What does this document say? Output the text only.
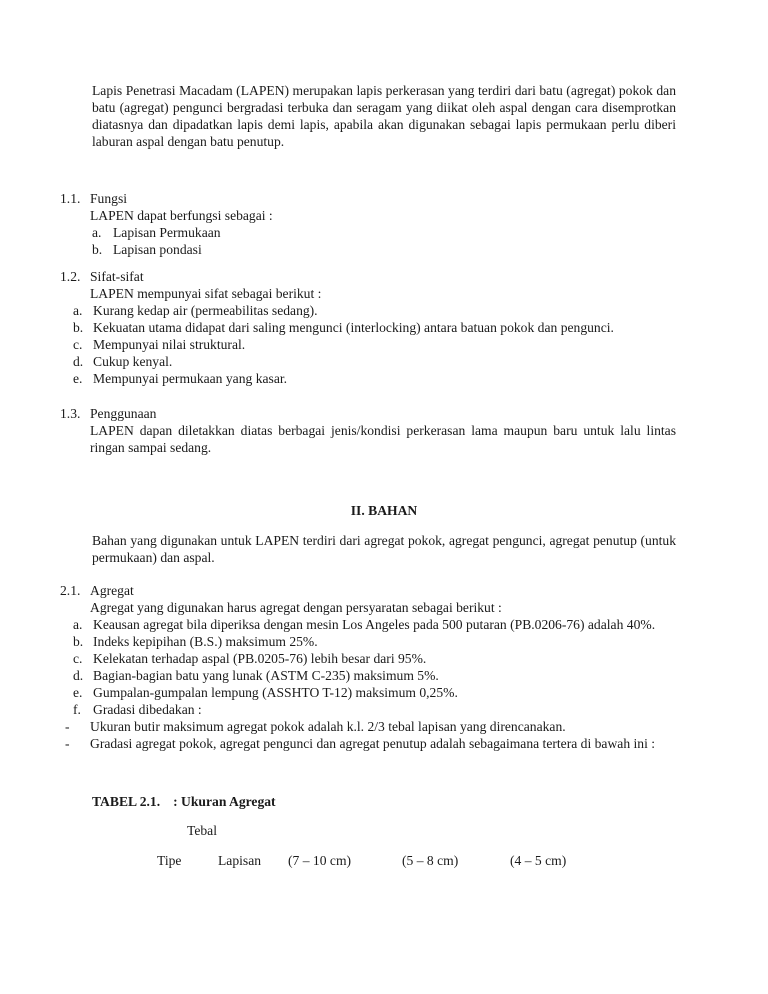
Lapis Penetrasi Macadam (LAPEN) merupakan lapis perkerasan yang terdiri dari batu (agregat) pokok dan batu (agregat) pengunci bergradasi terbuka dan seragam yang diikat oleh aspal dengan cara disemprotkan diatasnya dan dipadatkan lapis demi lapis, apabila akan digunakan sebagai lapis permukaan perlu diberi laburan aspal dengan batu penutup.

1.1. Fungsi

LAPEN dapat berfungsi sebagai :

a. Lapisan Permukaan
b. Lapisan pondasi
1.2. Sifat-sifat

LAPEN mempunyai sifat sebagai berikut :

a. Kurang kedap air (permeabilitas sedang).
b. Kekuatan utama didapat dari saling mengunci (interlocking) antara batuan pokok dan pengunci.
c. Mempunyai nilai struktural.
d. Cukup kenyal.
e. Mempunyai permukaan yang kasar.
1.3. Penggunaan

LAPEN dapan diletakkan diatas berbagai jenis/kondisi perkerasan lama maupun baru untuk lalu lintas ringan sampai sedang.

II. BAHAN

Bahan yang digunakan untuk LAPEN terdiri dari agregat pokok, agregat pengunci, agregat penutup (untuk permukaan) dan aspal.

2.1. Agregat

Agregat yang digunakan harus agregat dengan persyaratan sebagai berikut :

a. Keausan agregat bila diperiksa dengan mesin Los Angeles pada 500 putaran (PB.0206-76) adalah 40%.
b. Indeks kepipihan (B.S.) maksimum 25%.
c. Kelekatan terhadap aspal (PB.0205-76) lebih besar dari 95%.
d. Bagian-bagian batu yang lunak (ASTM C-235) maksimum 5%.
e. Gumpalan-gumpalan lempung (ASSHTO T-12) maksimum 0,25%.
f. Gradasi dibedakan :
-	Ukuran butir maksimum agregat pokok adalah k.l. 2/3 tebal lapisan yang direncanakan.
-	Gradasi agregat pokok, agregat pengunci dan agregat penutup adalah sebagaimana tertera di bawah ini :
TABEL 2.1. : Ukuran Agregat

Tebal

Tipe	Lapisan	(7 – 10 cm)	(5 – 8 cm)	(4 – 5 cm)
